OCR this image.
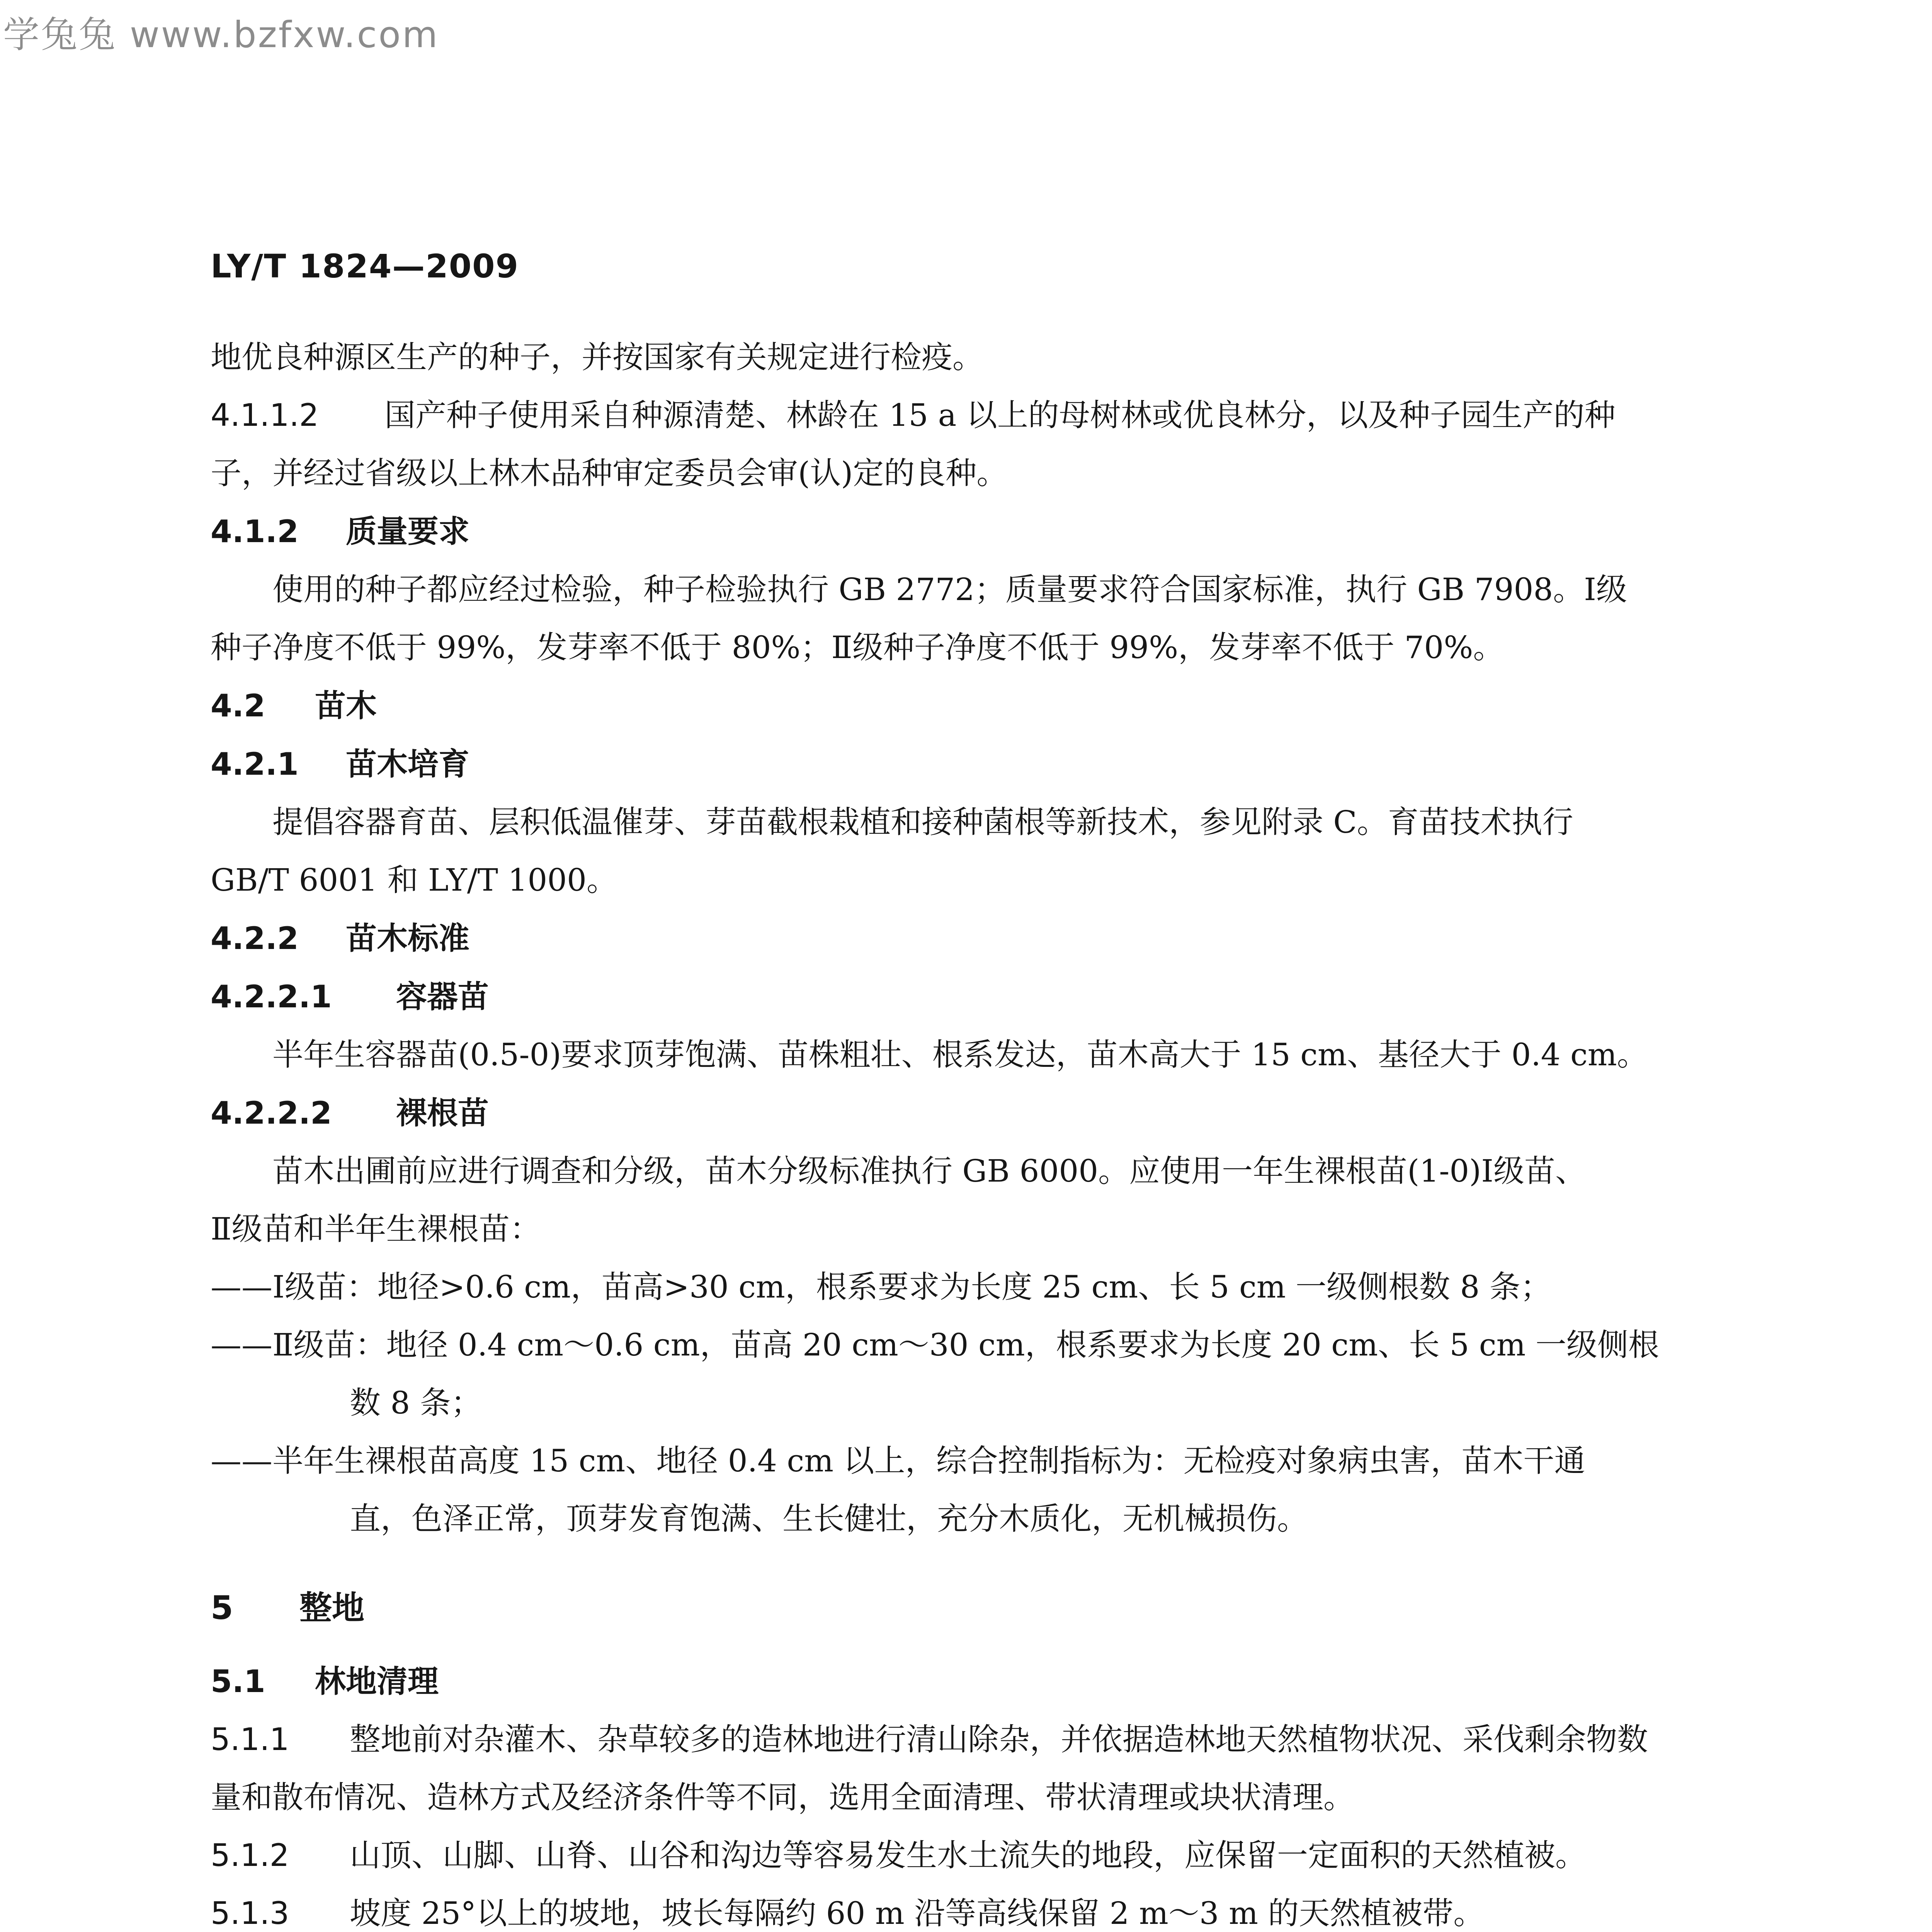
学兔兔 www.bzfxw.com
LY/T 1824—2009

地优良种源区生产的种子，并按国家有关规定进行检疫。

4.1.1.2 国产种子使用采自种源清楚、林龄在 15 a 以上的母树林或优良林分，以及种子园生产的种

子，并经过省级以上林木品种审定委员会审(认)定的良种。

4.1.2 质量要求

使用的种子都应经过检验，种子检验执行 GB 2772；质量要求符合国家标准，执行 GB 7908。Ⅰ级

种子净度不低于 99%，发芽率不低于 80%；Ⅱ级种子净度不低于 99%，发芽率不低于 70%。

4.2 苗木

4.2.1 苗木培育

提倡容器育苗、层积低温催芽、芽苗截根栽植和接种菌根等新技术，参见附录 C。育苗技术执行

GB/T 6001 和 LY/T 1000。

4.2.2 苗木标准

4.2.2.1 容器苗

半年生容器苗(0.5-0)要求顶芽饱满、苗株粗壮、根系发达，苗木高大于 15 cm、基径大于 0.4 cm。

4.2.2.2 裸根苗

苗木出圃前应进行调查和分级，苗木分级标准执行 GB 6000。应使用一年生裸根苗(1-0)Ⅰ级苗、

Ⅱ级苗和半年生裸根苗：

——Ⅰ级苗：地径>0.6 cm，苗高>30 cm，根系要求为长度 25 cm、长 5 cm 一级侧根数 8 条；

——Ⅱ级苗：地径 0.4 cm～0.6 cm，苗高 20 cm～30 cm，根系要求为长度 20 cm、长 5 cm 一级侧根

数 8 条；

——半年生裸根苗高度 15 cm、地径 0.4 cm 以上，综合控制指标为：无检疫对象病虫害，苗木干通

直，色泽正常，顶芽发育饱满、生长健壮，充分木质化，无机械损伤。

5 整地

5.1 林地清理

5.1.1 整地前对杂灌木、杂草较多的造林地进行清山除杂，并依据造林地天然植物状况、采伐剩余物数

量和散布情况、造林方式及经济条件等不同，选用全面清理、带状清理或块状清理。

5.1.2 山顶、山脚、山脊、山谷和沟边等容易发生水土流失的地段，应保留一定面积的天然植被。

5.1.3 坡度 25°以上的坡地，坡长每隔约 60 m 沿等高线保留 2 m～3 m 的天然植被带。
